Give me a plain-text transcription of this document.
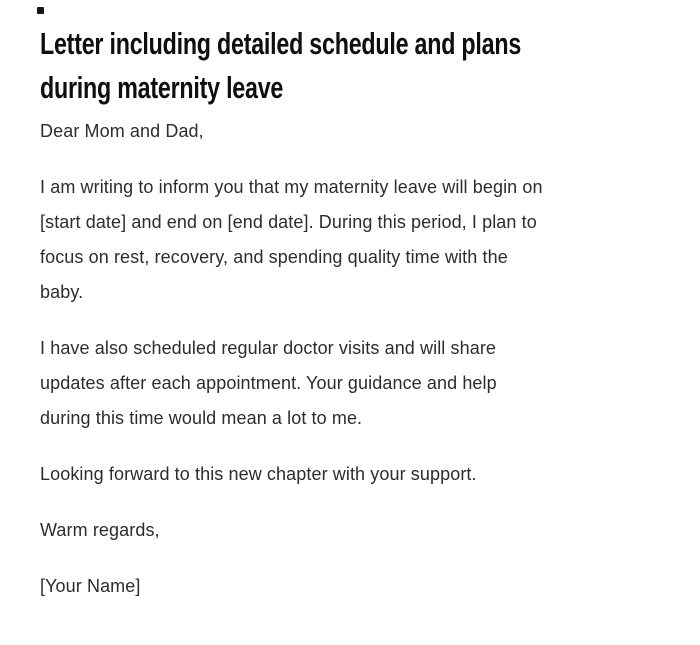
Letter including detailed schedule and plans
during maternity leave
Dear Mom and Dad,
I am writing to inform you that my maternity leave will begin on
[start date] and end on [end date]. During this period, I plan to
focus on rest, recovery, and spending quality time with the
baby.
I have also scheduled regular doctor visits and will share
updates after each appointment. Your guidance and help
during this time would mean a lot to me.
Looking forward to this new chapter with your support.
Warm regards,
[Your Name]
